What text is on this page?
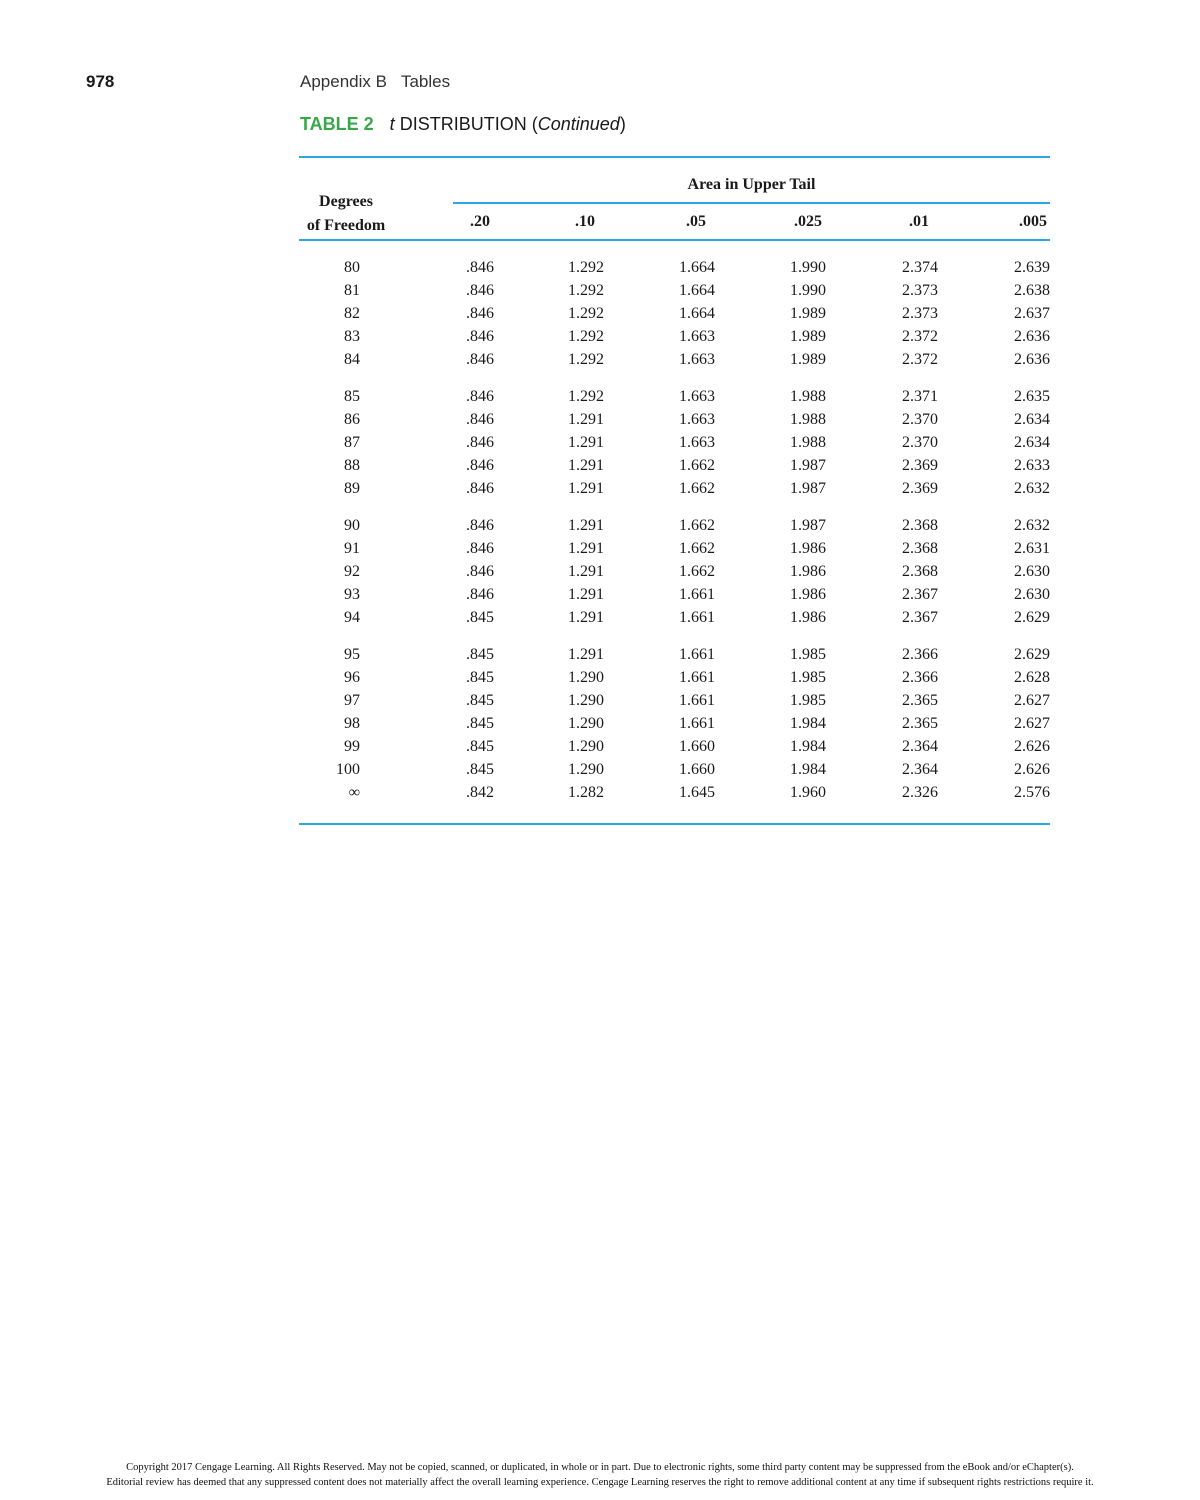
978	Appendix B Tables
TABLE 2 t DISTRIBUTION (Continued)
Area in Upper Tail
Degrees
of Freedom	.20	.10	.05	.025	.01	.005
80	.846	1.292	1.664	1.990	2.374	2.639
81	.846	1.292	1.664	1.990	2.373	2.638
82	.846	1.292	1.664	1.989	2.373	2.637
83	.846	1.292	1.663	1.989	2.372	2.636
84	.846	1.292	1.663	1.989	2.372	2.636
85	.846	1.292	1.663	1.988	2.371	2.635
86	.846	1.291	1.663	1.988	2.370	2.634
87	.846	1.291	1.663	1.988	2.370	2.634
88	.846	1.291	1.662	1.987	2.369	2.633
89	.846	1.291	1.662	1.987	2.369	2.632
90	.846	1.291	1.662	1.987	2.368	2.632
91	.846	1.291	1.662	1.986	2.368	2.631
92	.846	1.291	1.662	1.986	2.368	2.630
93	.846	1.291	1.661	1.986	2.367	2.630
94	.845	1.291	1.661	1.986	2.367	2.629
95	.845	1.291	1.661	1.985	2.366	2.629
96	.845	1.290	1.661	1.985	2.366	2.628
97	.845	1.290	1.661	1.985	2.365	2.627
98	.845	1.290	1.661	1.984	2.365	2.627
99	.845	1.290	1.660	1.984	2.364	2.626
100	.845	1.290	1.660	1.984	2.364	2.626
∞	.842	1.282	1.645	1.960	2.326	2.576
Copyright 2017 Cengage Learning. All Rights Reserved. May not be copied, scanned, or duplicated, in whole or in part. Due to electronic rights, some third party content may be suppressed from the eBook and/or eChapter(s).
Editorial review has deemed that any suppressed content does not materially affect the overall learning experience. Cengage Learning reserves the right to remove additional content at any time if subsequent rights restrictions require it.
